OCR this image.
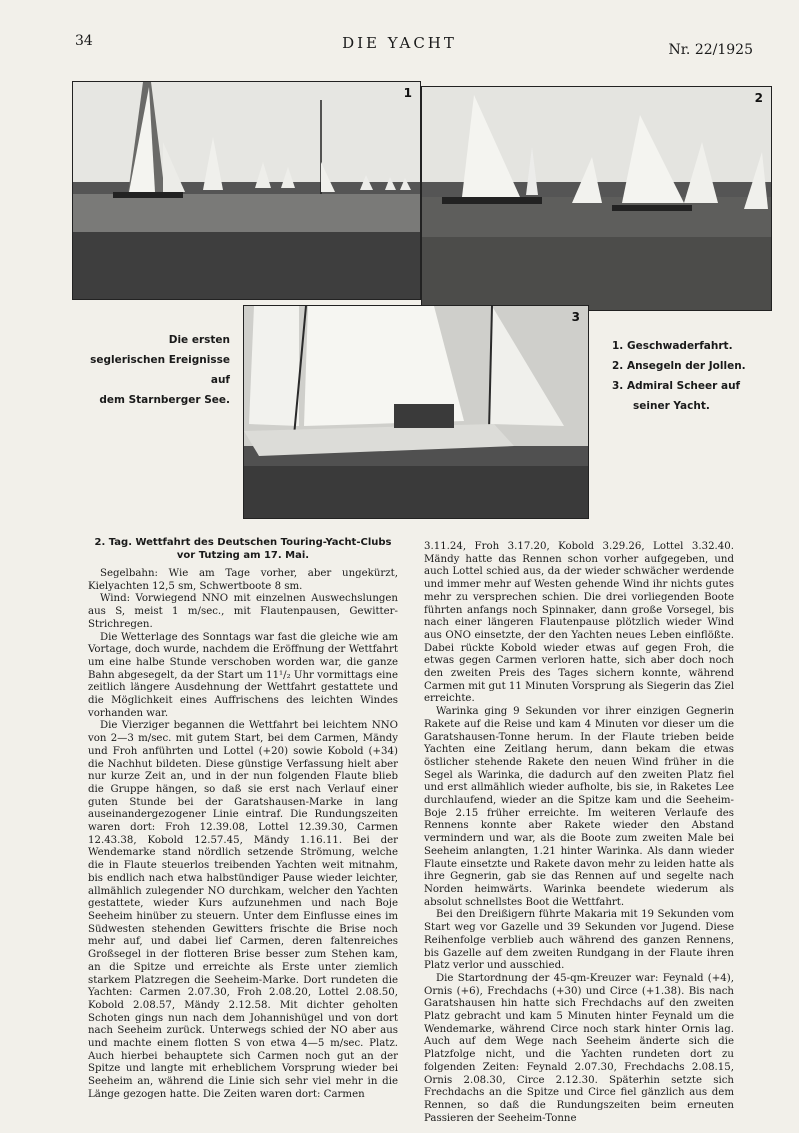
34	DIE YACHT	Nr. 22/1925
1	2
3
Die ersten
seglerischen Ereignisse auf
dem Starnberger See.
1. Geschwaderfahrt.
2. Ansegeln der Jollen.
3. Admiral Scheer auf
seiner Yacht.
2. Tag. Wettfahrt des Deutschen Touring-Yacht-Clubs
vor Tutzing am 17. Mai.

Segelbahn: Wie am Tage vorher, aber ungekürzt, Kielyachten 12,5 sm, Schwertboote 8 sm.

Wind: Vorwiegend NNO mit einzelnen Auswechslungen aus S, meist 1 m/sec., mit Flautenpausen, Gewitter-Strichregen.

Die Wetterlage des Sonntags war fast die gleiche wie am Vortage, doch wurde, nachdem die Eröffnung der Wettfahrt um eine halbe Stunde verschoben worden war, die ganze Bahn abgesegelt, da der Start um 11¹/₂ Uhr vormittags eine zeitlich längere Ausdehnung der Wettfahrt gestattete und die Möglichkeit eines Auffrischens des leichten Windes vorhanden war.

Die Vierziger begannen die Wettfahrt bei leichtem NNO von 2—3 m/sec. mit gutem Start, bei dem Carmen, Mändy und Froh anführten und Lottel (+20) sowie Kobold (+34) die Nachhut bildeten. Diese günstige Verfassung hielt aber nur kurze Zeit an, und in der nun folgenden Flaute blieb die Gruppe hängen, so daß sie erst nach Verlauf einer guten Stunde bei der Garatshausen-Marke in lang auseinandergezogener Linie eintraf. Die Rundungszeiten waren dort: Froh 12.39.08, Lottel 12.39.30, Carmen 12.43.38, Kobold 12.57.45, Mändy 1.16.11. Bei der Wendemarke stand nördlich setzende Strömung, welche die in Flaute steuerlos treibenden Yachten weit mitnahm, bis endlich nach etwa halbstündiger Pause wieder leichter, allmählich zulegender NO durchkam, welcher den Yachten gestattete, wieder Kurs aufzunehmen und nach Boje Seeheim hinüber zu steuern. Unter dem Einflusse eines im Südwesten stehenden Gewitters frischte die Brise noch mehr auf, und dabei lief Carmen, deren faltenreiches Großsegel in der flotteren Brise besser zum Stehen kam, an die Spitze und erreichte als Erste unter ziemlich starkem Platzregen die Seeheim-Marke. Dort rundeten die Yachten: Carmen 2.07.30, Froh 2.08.20, Lottel 2.08.50, Kobold 2.08.57, Mändy 2.12.58. Mit dichter geholten Schoten gings nun nach dem Johannishügel und von dort nach Seeheim zurück. Unterwegs schied der NO aber aus und machte einem flotten S von etwa 4—5 m/sec. Platz. Auch hierbei behauptete sich Carmen noch gut an der Spitze und langte mit erheblichem Vorsprung wieder bei Seeheim an, während die Linie sich sehr viel mehr in die Länge gezogen hatte. Die Zeiten waren dort: Carmen

3.11.24, Froh 3.17.20, Kobold 3.29.26, Lottel 3.32.40. Mändy hatte das Rennen schon vorher aufgegeben, und auch Lottel schied aus, da der wieder schwächer werdende und immer mehr auf Westen gehende Wind ihr nichts gutes mehr zu versprechen schien. Die drei vorliegenden Boote führten anfangs noch Spinnaker, dann große Vorsegel, bis nach einer längeren Flautenpause plötzlich wieder Wind aus ONO einsetzte, der den Yachten neues Leben einflößte. Dabei rückte Kobold wieder etwas auf gegen Froh, die etwas gegen Carmen verloren hatte, sich aber doch noch den zweiten Preis des Tages sichern konnte, während Carmen mit gut 11 Minuten Vorsprung als Siegerin das Ziel erreichte.

Warinka ging 9 Sekunden vor ihrer einzigen Gegnerin Rakete auf die Reise und kam 4 Minuten vor dieser um die Garatshausen-Tonne herum. In der Flaute trieben beide Yachten eine Zeitlang herum, dann bekam die etwas östlicher stehende Rakete den neuen Wind früher in die Segel als Warinka, die dadurch auf den zweiten Platz fiel und erst allmählich wieder aufholte, bis sie, in Raketes Lee durchlaufend, wieder an die Spitze kam und die Seeheim-Boje 2.15 früher erreichte. Im weiteren Verlaufe des Rennens konnte aber Rakete wieder den Abstand vermindern und war, als die Boote zum zweiten Male bei Seeheim anlangten, 1.21 hinter Warinka. Als dann wieder Flaute einsetzte und Rakete davon mehr zu leiden hatte als ihre Gegnerin, gab sie das Rennen auf und segelte nach Norden heimwärts. Warinka beendete wiederum als absolut schnellstes Boot die Wettfahrt.

Bei den Dreißigern führte Makaria mit 19 Sekunden vom Start weg vor Gazelle und 39 Sekunden vor Jugend. Diese Reihenfolge verblieb auch während des ganzen Rennens, bis Gazelle auf dem zweiten Rundgang in der Flaute ihren Platz verlor und ausschied.

Die Startordnung der 45-qm-Kreuzer war: Feynald (+4), Ornis (+6), Frechdachs (+30) und Circe (+1.38). Bis nach Garatshausen hin hatte sich Frechdachs auf den zweiten Platz gebracht und kam 5 Minuten hinter Feynald um die Wendemarke, während Circe noch stark hinter Ornis lag. Auch auf dem Wege nach Seeheim änderte sich die Platzfolge nicht, und die Yachten rundeten dort zu folgenden Zeiten: Feynald 2.07.30, Frechdachs 2.08.15, Ornis 2.08.30, Circe 2.12.30. Späterhin setzte sich Frechdachs an die Spitze und Circe fiel gänzlich aus dem Rennen, so daß die Rundungszeiten beim erneuten Passieren der Seeheim-Tonne
